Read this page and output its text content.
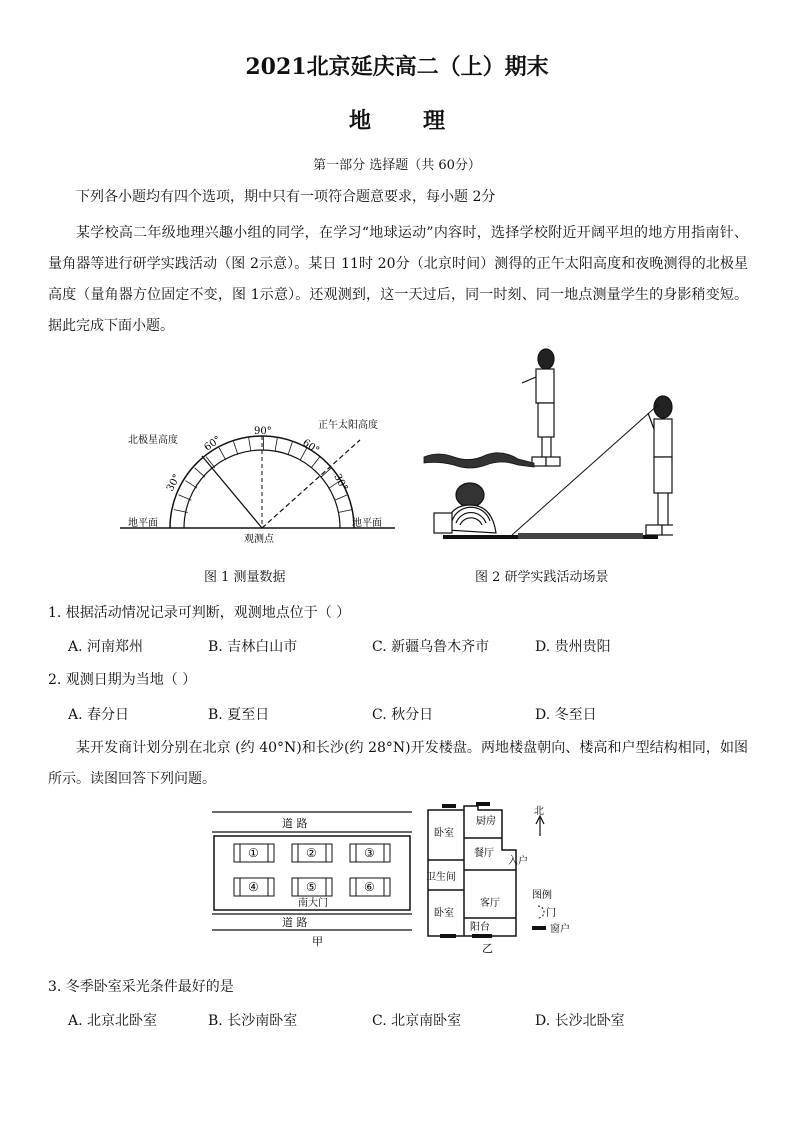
2021北京延庆高二（上）期末
地 理
第一部分 选择题（共 60分）
下列各小题均有四个选项，期中只有一项符合题意要求，每小题 2分
某学校高二年级地理兴趣小组的同学，在学习“地球运动”内容时，选择学校附近开阔平坦的地方用指南针、量角器等进行研学实践活动（图 2示意）。某日 11时 20分（北京时间）测得的正午太阳高度和夜晚测得的北极星高度（量角器方位固定不变，图 1示意）。还观测到，这一天过后，同一时刻、同一地点测量学生的身影稍变短。据此完成下面小题。
北极星高度
正午太阳高度
90°
60°	60°
30°	30°
地平面	地平面
观测点
图 1 测量数据	图 2 研学实践活动场景
1. 根据活动情况记录可判断，观测地点位于（ ）
A. 河南郑州	B. 吉林白山市	C. 新疆乌鲁木齐市	D. 贵州贵阳
2. 观测日期为当地（ ）
A. 春分日	B. 夏至日	C. 秋分日	D. 冬至日
某开发商计划分别在北京 (约 40°N)和长沙(约 28°N)开发楼盘。两地楼盘朝向、楼高和户型结构相同，如图所示。读图回答下列问题。
道 路
①	②	③
④	⑤	⑥
南大门
道 路
甲
卧室
厨房
餐厅
入户
卫生间
客厅
卧室
阳台
乙
北
图例
门
窗户
3. 冬季卧室采光条件最好的是
A. 北京北卧室	B. 长沙南卧室	C. 北京南卧室	D. 长沙北卧室
